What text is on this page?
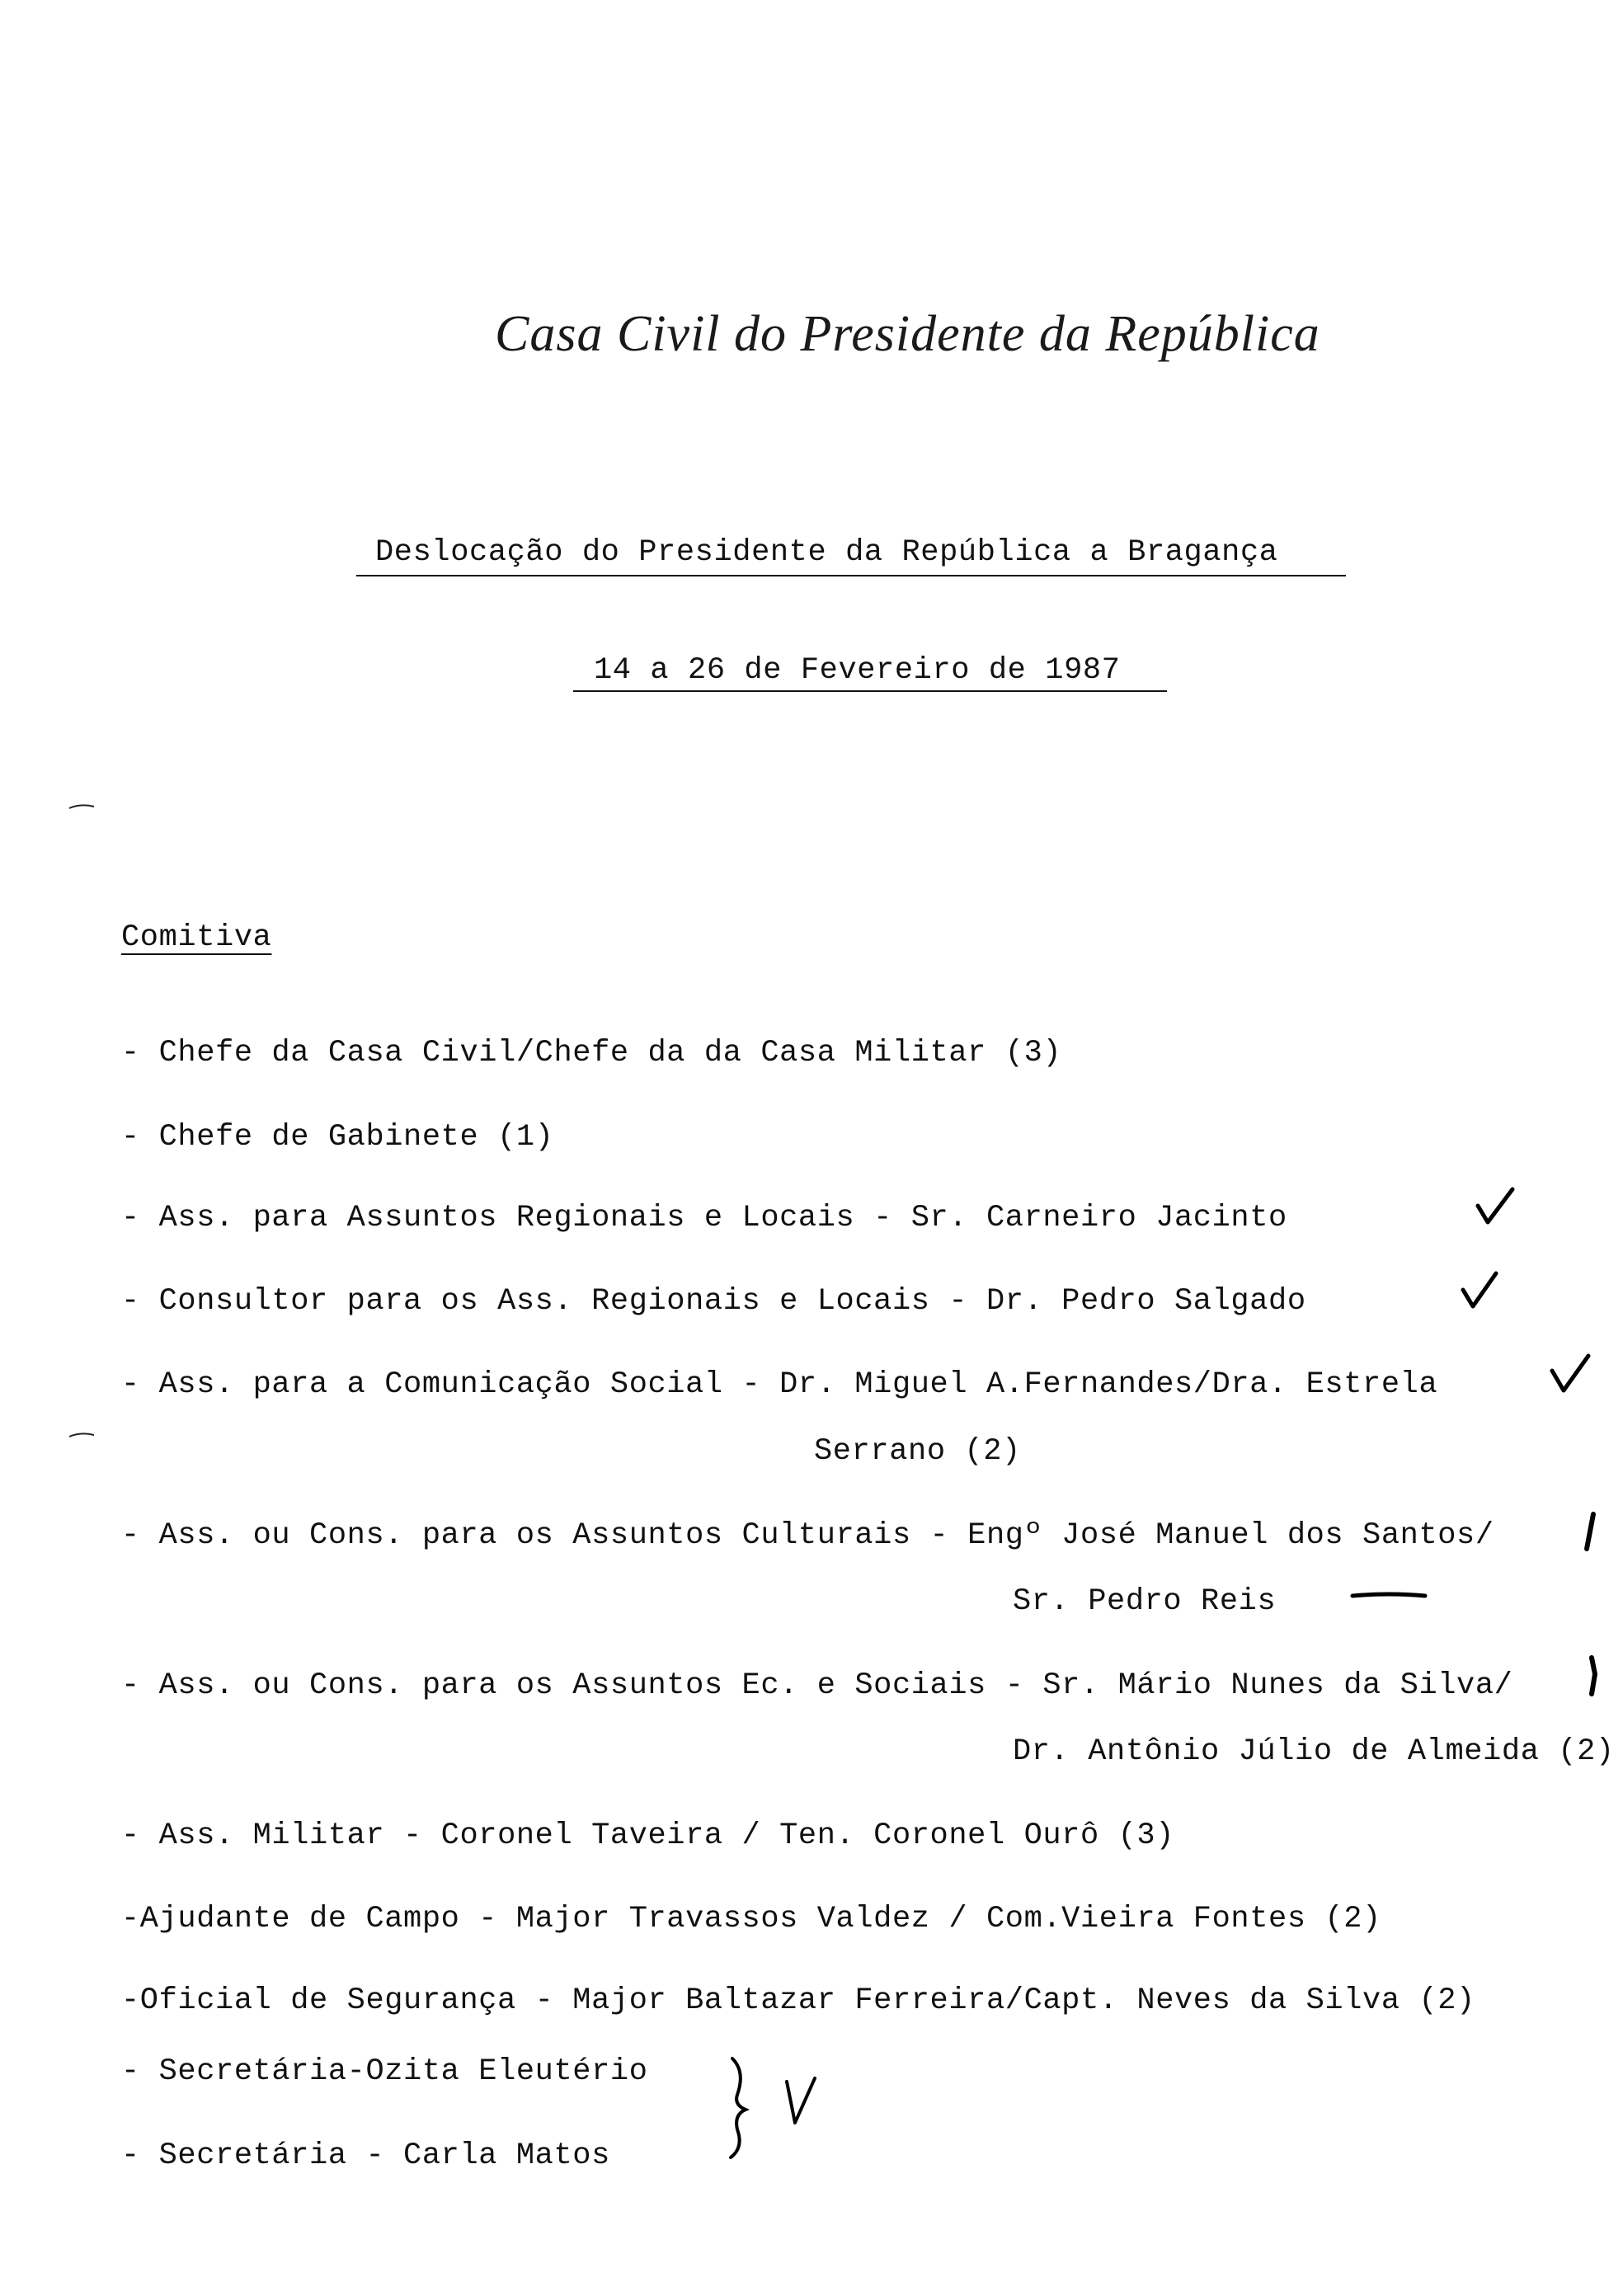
Casa Civil do Presidente da República
Deslocação do Presidente da República a Bragança
14 a 26 de Fevereiro de 1987
Comitiva
- Chefe da Casa Civil/Chefe da da Casa Militar (3)
- Chefe de Gabinete (1)
- Ass. para Assuntos Regionais e Locais - Sr. Carneiro Jacinto
- Consultor para os Ass. Regionais e Locais - Dr. Pedro Salgado
- Ass. para a Comunicação Social - Dr. Miguel A.Fernandes/Dra. Estrela
Serrano (2)
- Ass. ou Cons. para os Assuntos Culturais - Engº José Manuel dos Santos/
Sr. Pedro Reis
- Ass. ou Cons. para os Assuntos Ec. e Sociais - Sr. Mário Nunes da Silva/
Dr. Antônio Júlio de Almeida (2)
- Ass. Militar - Coronel Taveira / Ten. Coronel Ourô (3)
-Ajudante de Campo - Major Travassos Valdez / Com.Vieira Fontes (2)
-Oficial de Segurança - Major Baltazar Ferreira/Capt. Neves da Silva (2)
- Secretária-Ozita Eleutério
- Secretária - Carla Matos
